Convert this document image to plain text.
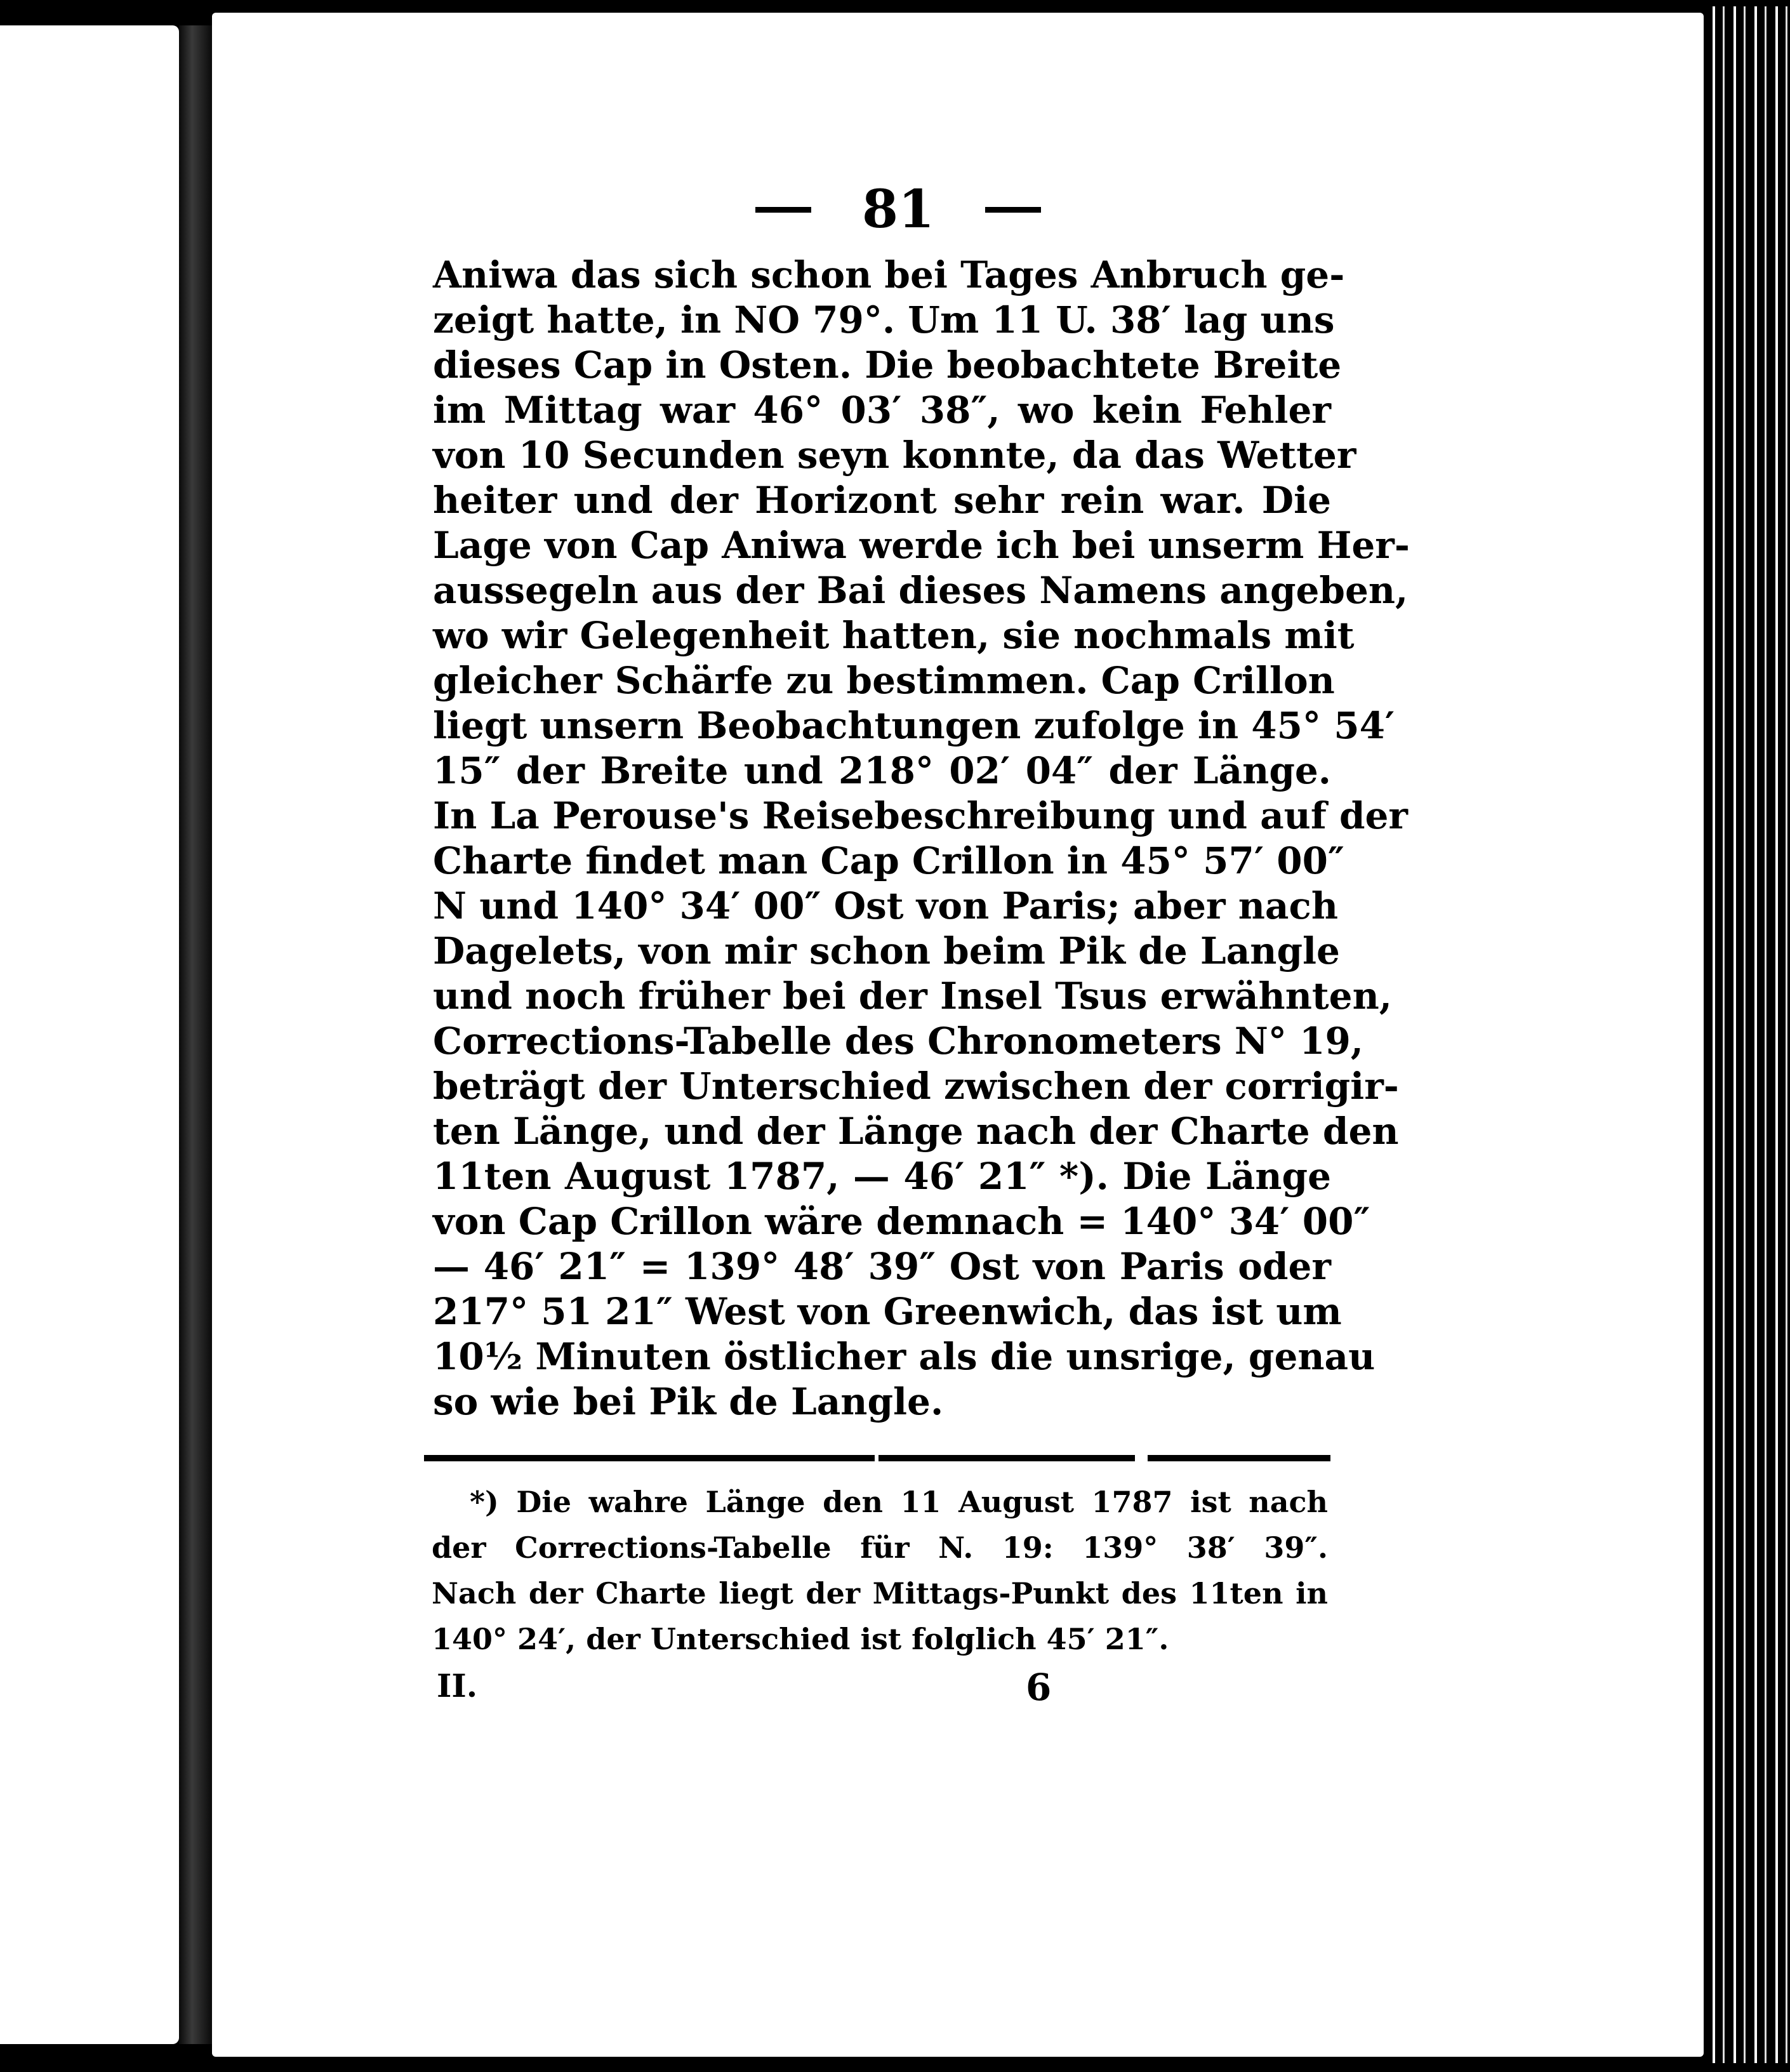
81
Aniwa das sich schon bei Tages Anbruch ge-
zeigt hatte, in NO 79°. Um 11 U. 38′ lag uns
dieses Cap in Osten. Die beobachtete Breite
im Mittag war 46° 03′ 38″, wo kein Fehler
von 10 Secunden seyn konnte, da das Wetter
heiter und der Horizont sehr rein war. Die
Lage von Cap Aniwa werde ich bei unserm Her-
aussegeln aus der Bai dieses Namens angeben,
wo wir Gelegenheit hatten, sie nochmals mit
gleicher Schärfe zu bestimmen. Cap Crillon
liegt unsern Beobachtungen zufolge in 45° 54′
15″ der Breite und 218° 02′ 04″ der Länge.
In La Perouse's Reisebeschreibung und auf der
Charte findet man Cap Crillon in 45° 57′ 00″
N und 140° 34′ 00″ Ost von Paris; aber nach
Dagelets, von mir schon beim Pik de Langle
und noch früher bei der Insel Tsus erwähnten,
Corrections-Tabelle des Chronometers N° 19,
beträgt der Unterschied zwischen der corrigir-
ten Länge, und der Länge nach der Charte den
11ten August 1787, — 46′ 21″ *). Die Länge
von Cap Crillon wäre demnach = 140° 34′ 00″
— 46′ 21″ = 139° 48′ 39″ Ost von Paris oder
217° 51 21″ West von Greenwich, das ist um
10½ Minuten östlicher als die unsrige, genau
so wie bei Pik de Langle.
*) Die wahre Länge den 11 August 1787 ist nach
der Corrections-Tabelle für N. 19: 139° 38′ 39″.
Nach der Charte liegt der Mittags-Punkt des 11ten in
140° 24′, der Unterschied ist folglich 45′ 21″.
II.	6
